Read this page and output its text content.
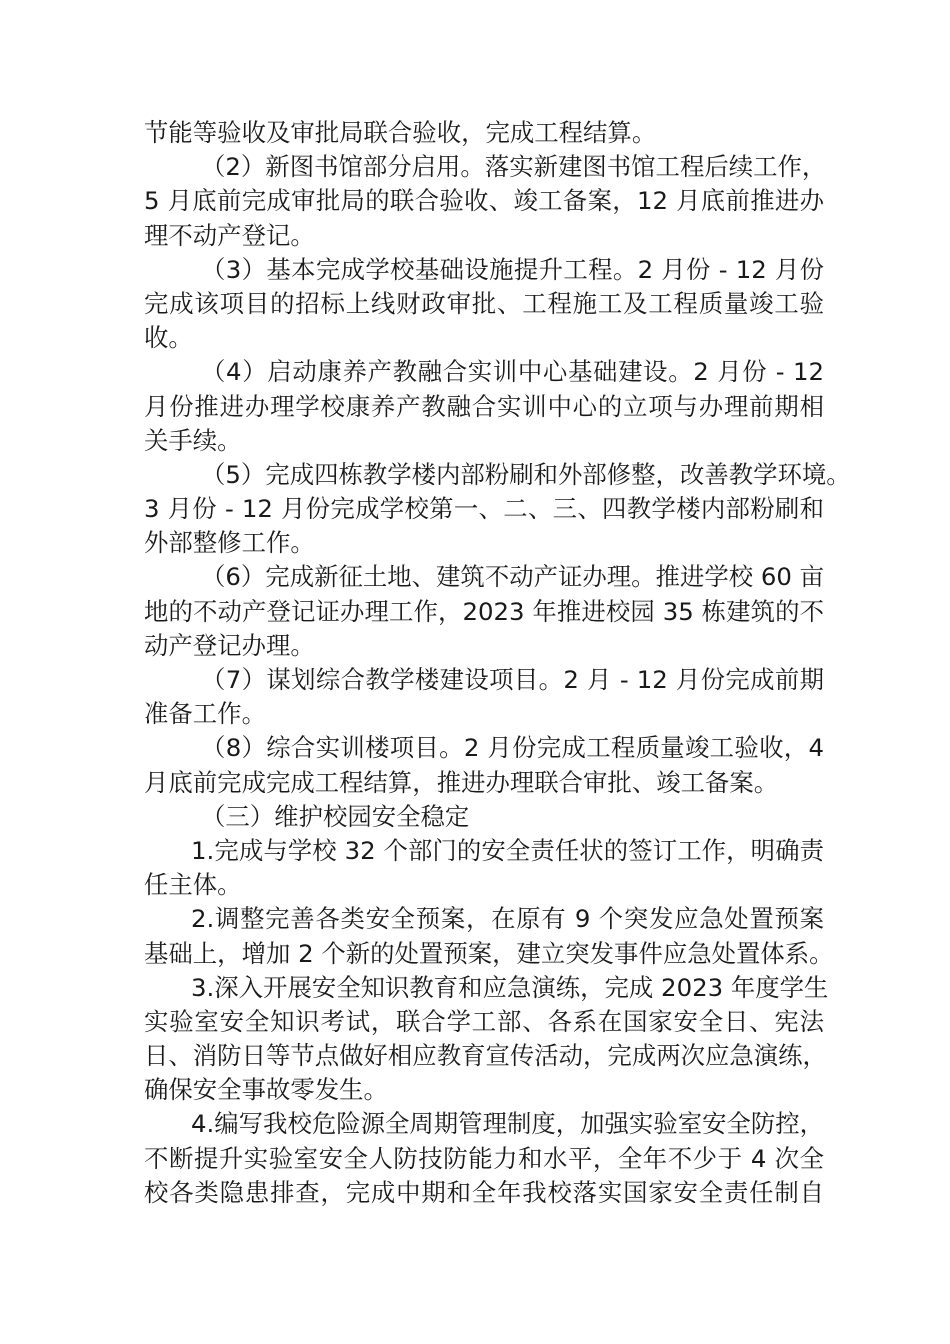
节能等验收及审批局联合验收，完成工程结算。
（2）新图书馆部分启用。落实新建图书馆工程后续工作，
5 月底前完成审批局的联合验收、竣工备案，12 月底前推进办
理不动产登记。
（3）基本完成学校基础设施提升工程。2 月份 - 12 月份
完成该项目的招标上线财政审批、工程施工及工程质量竣工验
收。
（4）启动康养产教融合实训中心基础建设。2 月份 - 12
月份推进办理学校康养产教融合实训中心的立项与办理前期相
关手续。
（5）完成四栋教学楼内部粉刷和外部修整，改善教学环境。
3 月份 - 12 月份完成学校第一、二、三、四教学楼内部粉刷和
外部整修工作。
（6）完成新征土地、建筑不动产证办理。推进学校 60 亩
地的不动产登记证办理工作，2023 年推进校园 35 栋建筑的不
动产登记办理。
（7）谋划综合教学楼建设项目。2 月 - 12 月份完成前期
准备工作。
（8）综合实训楼项目。2 月份完成工程质量竣工验收，4
月底前完成完成工程结算，推进办理联合审批、竣工备案。
（三）维护校园安全稳定
1.完成与学校 32 个部门的安全责任状的签订工作，明确责
任主体。
2.调整完善各类安全预案，在原有 9 个突发应急处置预案
基础上，增加 2 个新的处置预案，建立突发事件应急处置体系。
3.深入开展安全知识教育和应急演练，完成 2023 年度学生
实验室安全知识考试，联合学工部、各系在国家安全日、宪法
日、消防日等节点做好相应教育宣传活动，完成两次应急演练，
确保安全事故零发生。
4.编写我校危险源全周期管理制度，加强实验室安全防控，
不断提升实验室安全人防技防能力和水平，全年不少于 4 次全
校各类隐患排查，完成中期和全年我校落实国家安全责任制自
